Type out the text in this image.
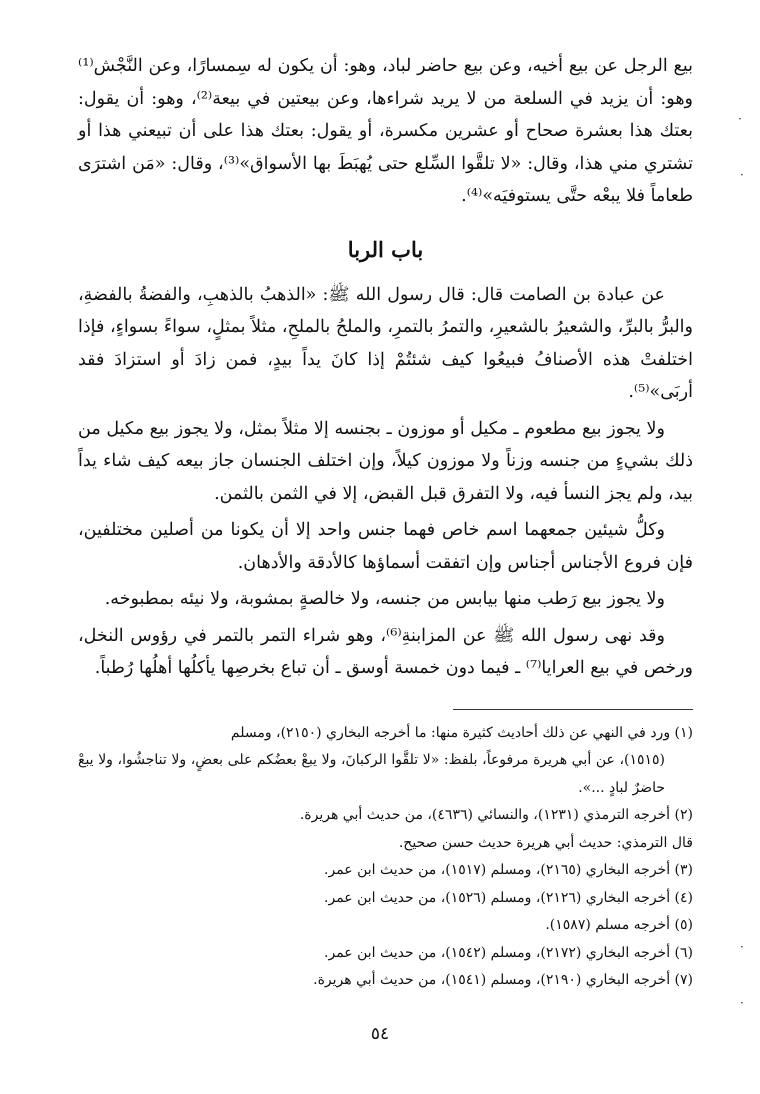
بيع الرجل عن بيع أخيه، وعن بيع حاضر لباد، وهو: أن يكون له سِمسارًا، وعن النَّجْش⁽¹⁾ وهو: أن يزيد في السلعة من لا يريد شراءها، وعن بيعتين في بيعة⁽²⁾، وهو: أن يقول: بعتك هذا بعشرة صحاح أو عشرين مكسرة، أو يقول: بعتك هذا على أن تبيعني هذا أو تشتري مني هذا، وقال: «لا تلقَّوا السِّلع حتى يُهبَطَ بها الأسواق»⁽³⁾، وقال: «مَن اشترَى طعاماً فلا يبعْه حتَّى يستوفيَه»⁽⁴⁾.

باب الربا

عن عبادة بن الصامت قال: قال رسول الله ﷺ: «الذهبُ بالذهبِ، والفضةُ بالفضةِ، والبرُّ بالبرِّ، والشعيرُ بالشعيرِ، والتمرُ بالتمرِ، والملحُ بالملحِ، مثلاً بمثلٍ، سواءً بسواءٍ، فإذا اختلفتْ هذه الأصنافُ فبيعُوا كيف شئتُمْ إذا كانَ يداً بيدٍ، فمن زادَ أو استزادَ فقد أربَى»⁽⁵⁾.

ولا يجوز بيع مطعوم ـ مكيل أو موزون ـ بجنسه إلا مثلاً بمثل، ولا يجوز بيع مكيل من ذلك بشيءٍ من جنسه وزناً ولا موزون كيلاً، وإن اختلف الجنسان جاز بيعه كيف شاء يداً بيد، ولم يجز النسأ فيه، ولا التفرق قبل القبض، إلا في الثمن بالثمن.

وكلُّ شيئين جمعهما اسم خاص فهما جنس واحد إلا أن يكونا من أصلين مختلفين، فإن فروع الأجناس أجناس وإن اتفقت أسماؤها كالأدقة والأدهان.

ولا يجوز بيع رَطب منها بيابس من جنسه، ولا خالصةٍ بمشوبة، ولا نيئه بمطبوخه.

وقد نهى رسول الله ﷺ عن المزابنةِ⁽⁶⁾، وهو شراء التمر بالتمر في رؤوس النخل، ورخص في بيع العرايا⁽⁷⁾ ـ فيما دون خمسة أوسق ـ أن تباع بخرصِها يأكلُها أهلُها رُطباً.

(١) ورد في النهي عن ذلك أحاديث كثيرة منها: ما أخرجه البخاري (٢١٥٠)، ومسلم

(١٥١٥)، عن أبي هريرة مرفوعاً، بلفظ: «لا تلقَّوا الركبانَ، ولا يبعْ بعضُكم على بعضٍ، ولا تناجشُوا، ولا يبعْ حاضرٌ لبادٍ ...».

(٢) أخرجه الترمذي (١٢٣١)، والنسائي (٤٦٣٦)، من حديث أبي هريرة.

قال الترمذي: حديث أبي هريرة حديث حسن صحيح.

(٣) أخرجه البخاري (٢١٦٥)، ومسلم (١٥١٧)، من حديث ابن عمر.

(٤) أخرجه البخاري (٢١٢٦)، ومسلم (١٥٢٦)، من حديث ابن عمر.

(٥) أخرجه مسلم (١٥٨٧).

(٦) أخرجه البخاري (٢١٧٢)، ومسلم (١٥٤٢)، من حديث ابن عمر.

(٧) أخرجه البخاري (٢١٩٠)، ومسلم (١٥٤١)، من حديث أبي هريرة.

٥٤
·
·
·
·
